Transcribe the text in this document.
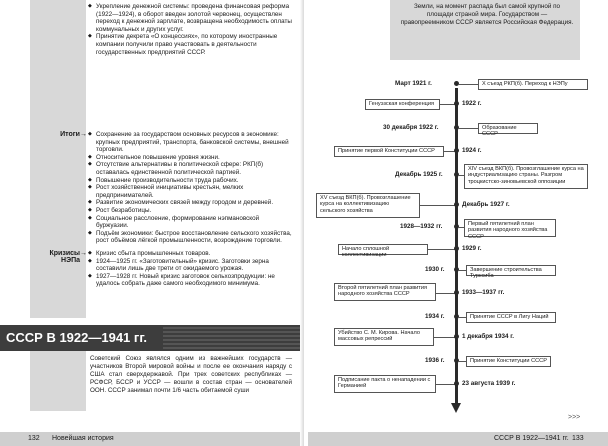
◆ Укрепление денежной системы: проведена финансовая реформа (1922—1924), в оборот введен золотой червонец, осуществлен переход к денежной зарплате, возвращена необходимость оплаты коммунальных и других услуг.
◆ Принятие декрета «О концессиях», по которому иностранные компании получили право участвовать в деятельности государственных предприятий СССР.
Итоги →	◆ Сохранение за государством основных ресурсов в экономике: крупных предприятий, транспорта, банковской системы, внешней торговли.
◆ Относительное повышение уровня жизни.
◆ Отсутствие альтернативы в политической сфере: РКП(б) оставалась единственной политической партией.
◆ Повышение производительности труда рабочих.
◆ Рост хозяйственной инициативы крестьян, мелких предпринимателей.
◆ Развитие экономических связей между городом и деревней.
◆ Рост безработицы.
◆ Социальное расслоение, формирование нэпмановской буржуазии.
◆ Подъём экономики: быстрое восстановление сельского хозяйства, рост объёмов лёгкой промышленности, возрождение торговли.
Кризисы НЭПа
→	◆ Кризис сбыта промышленных товаров.
◆ 1924—1925 гг. «Заготовительный» кризис. Заготовки зерна составили лишь две трети от ожидаемого урожая.
◆ 1927—1928 гг. Новый кризис заготовок сельхозпродукции: не удалось собрать даже самого необходимого минимума.
СССР В 1922—1941 гг.
Советский Союз являлся одним из важнейших государств — участников Второй мировой войны и после ее окончания наряду с США стал сверхдержавой. При трех советских республиках — РСФСР, БССР и УССР — вошли в состав стран — основателей ООН. СССР занимал почти 1/6 часть обитаемой суши
132 Новейшая история
Земли, на момент распада был самой крупной по площади страной мира. Государством — правопреемником СССР является Российская Федерация.
СССР В 1922—1941 гг. 133
Март 1921 г.	X съезд РКП(б). Переход к НЭПу
Генуэзская конференция	1922 г.
30 декабря 1922 г.	Образование СССР
Принятие первой Конституции СССР	1924 г.
Декабрь 1925 г.
XIV съезд ВКП(б). Провозглашение курса на индустриализацию страны. Разгром троцкистско-зиновьевской оппозиции
XV съезд ВКП(б). Провозглашение курса на коллективизацию сельского хозяйства
Декабрь 1927 г.
1928—1932 гг.	Первый пятилетний план развития народного хозяйства СССР
Начало сплошной коллективизации
1929 г.
1930 г.	Завершение строительства Турксиба
Второй пятилетний план развития народного хозяйства СССР	1933—1937 гг.
1934 г.	Принятие СССР в Лигу Наций
Убийство С. М. Кирова. Начало массовых репрессий	1 декабря 1934 г.
1936 г.	Принятие Конституции СССР
Подписание пакта о ненападении с Германией	23 августа 1939 г.
>>>
